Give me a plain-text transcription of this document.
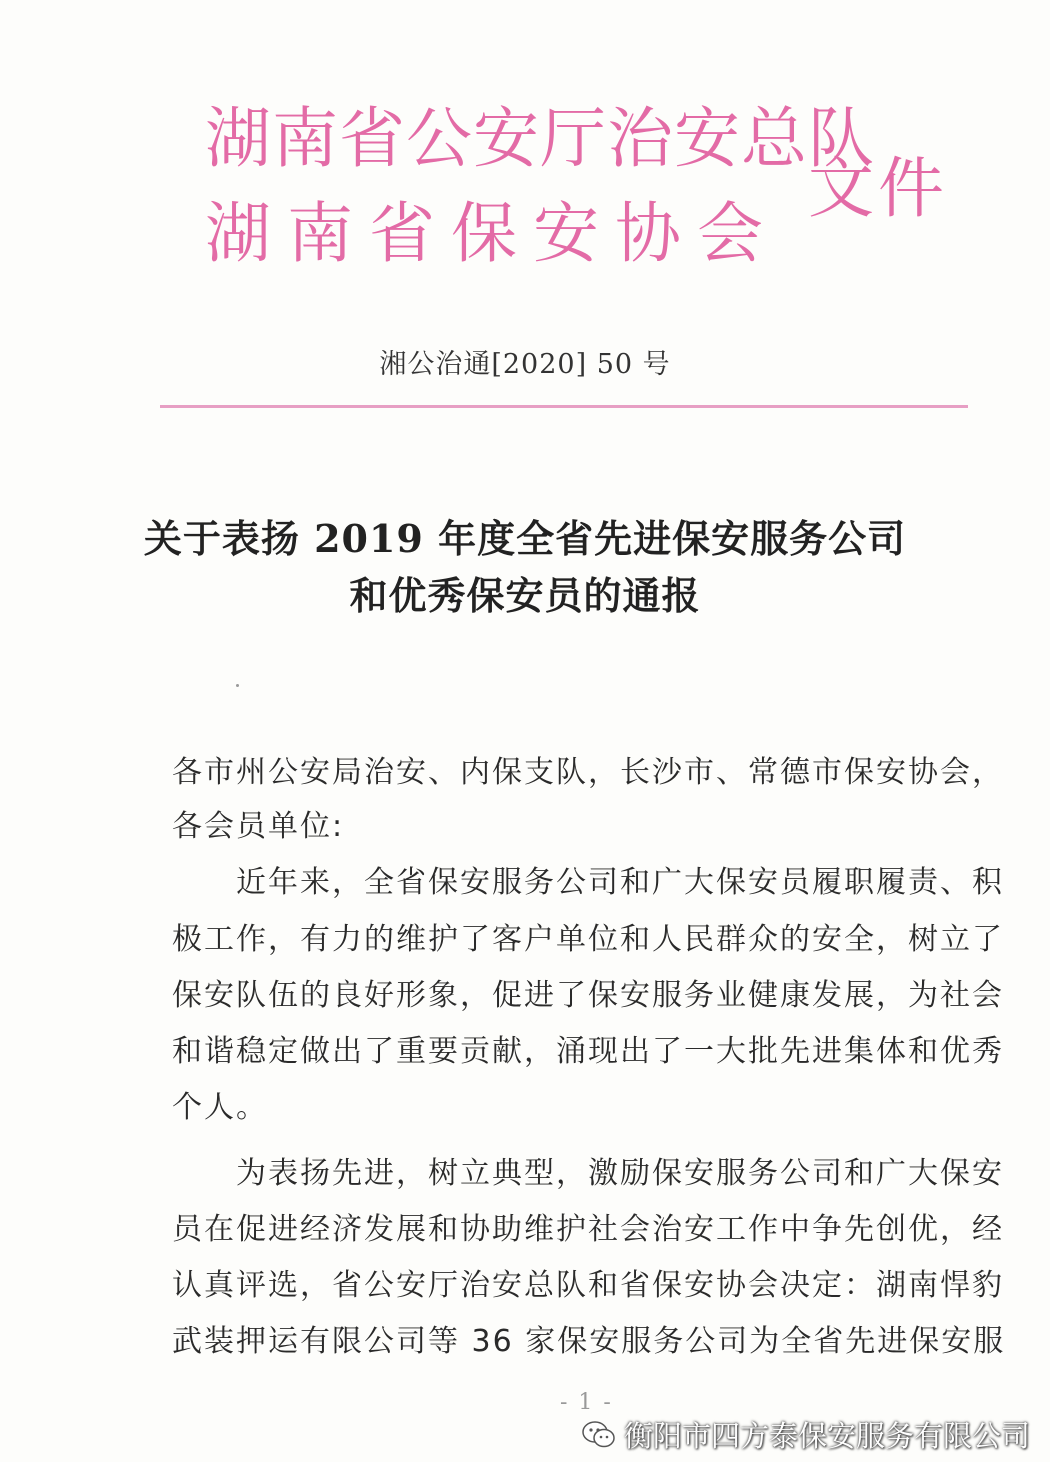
湖南省公安厅治安总队
湖南省保安协会
文件
湘公治通[2020] 50 号
关于表扬 2019 年度全省先进保安服务公司
和优秀保安员的通报
各市州公安局治安、内保支队，长沙市、常德市保安协会，
各会员单位:
　　近年来，全省保安服务公司和广大保安员履职履责、积
极工作，有力的维护了客户单位和人民群众的安全，树立了
保安队伍的良好形象，促进了保安服务业健康发展，为社会
和谐稳定做出了重要贡献，涌现出了一大批先进集体和优秀
个人。
　　为表扬先进，树立典型，激励保安服务公司和广大保安
员在促进经济发展和协助维护社会治安工作中争先创优，经
认真评选，省公安厅治安总队和省保安协会决定：湖南悍豹
武装押运有限公司等 36 家保安服务公司为全省先进保安服
- 1 -
衡阳市四方泰保安服务有限公司
